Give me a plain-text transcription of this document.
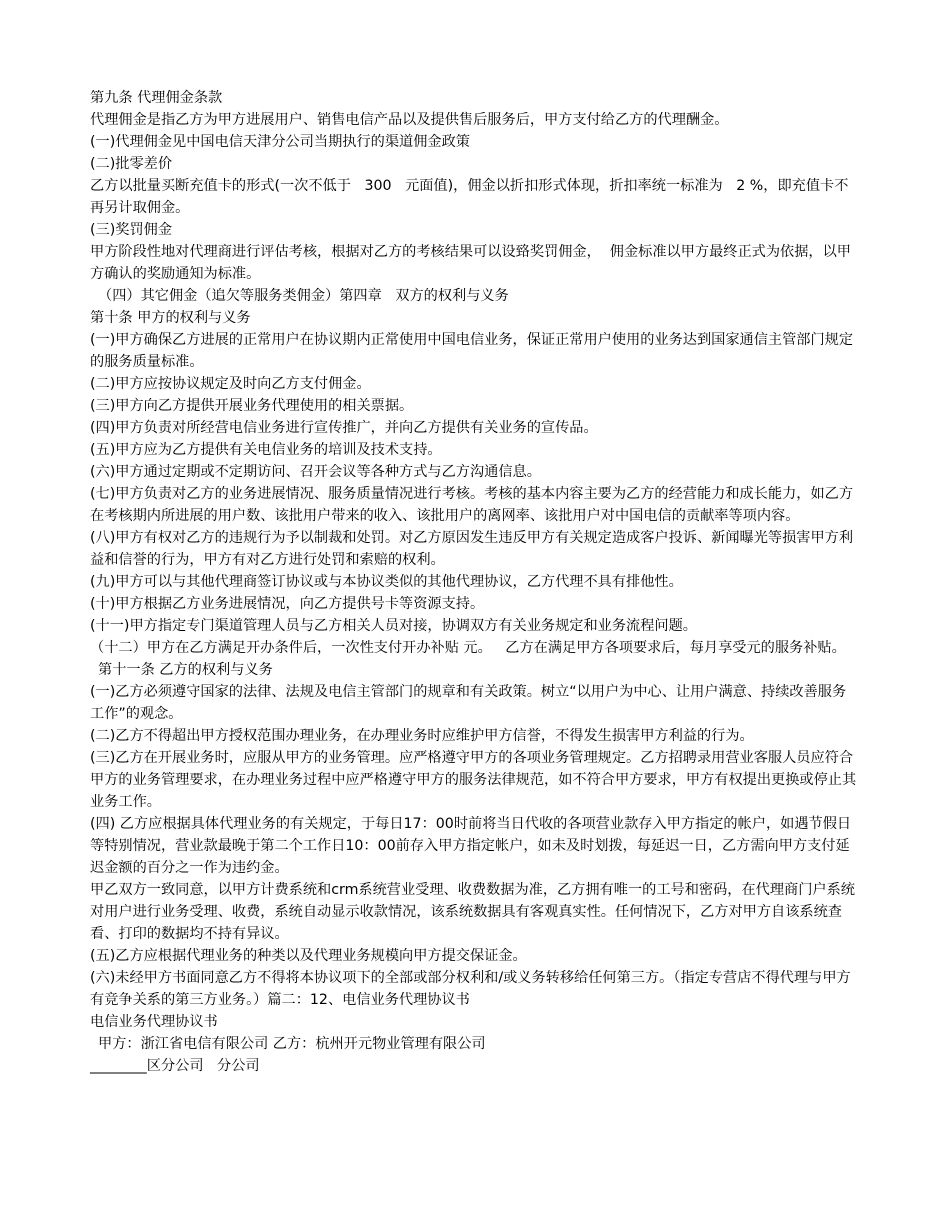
第九条 代理佣金条款

代理佣金是指乙方为甲方进展用户、销售电信产品以及提供售后服务后，甲方支付给乙方的代理酬金。

(一)代理佣金见中国电信天津分公司当期执行的渠道佣金政策

(二)批零差价

乙方以批量买断充值卡的形式(一次不低于   300   元面值)，佣金以折扣形式体现，折扣率统一标准为   2 %，即充值卡不再另计取佣金。

(三)奖罚佣金

甲方阶段性地对代理商进行评估考核，根据对乙方的考核结果可以设臵奖罚佣金，  佣金标准以甲方最终正式为依据，以甲方确认的奖励通知为标准。

（四）其它佣金（追欠等服务类佣金）第四章   双方的权利与义务

第十条 甲方的权利与义务

(一)甲方确保乙方进展的正常用户在协议期内正常使用中国电信业务，保证正常用户使用的业务达到国家通信主管部门规定的服务质量标准。

(二)甲方应按协议规定及时向乙方支付佣金。

(三)甲方向乙方提供开展业务代理使用的相关票据。

(四)甲方负责对所经营电信业务进行宣传推广，并向乙方提供有关业务的宣传品。

(五)甲方应为乙方提供有关电信业务的培训及技术支持。

(六)甲方通过定期或不定期访问、召开会议等各种方式与乙方沟通信息。

(七)甲方负责对乙方的业务进展情况、服务质量情况进行考核。考核的基本内容主要为乙方的经营能力和成长能力，如乙方在考核期内所进展的用户数、该批用户带来的收入、该批用户的离网率、该批用户对中国电信的贡献率等项内容。

(八)甲方有权对乙方的违规行为予以制裁和处罚。对乙方原因发生违反甲方有关规定造成客户投诉、新闻曝光等损害甲方利益和信誉的行为，甲方有对乙方进行处罚和索赔的权利。

(九)甲方可以与其他代理商签订协议或与本协议类似的其他代理协议，乙方代理不具有排他性。

(十)甲方根据乙方业务进展情况，向乙方提供号卡等资源支持。

(十一)甲方指定专门渠道管理人员与乙方相关人员对接，协调双方有关业务规定和业务流程问题。

（十二）甲方在乙方满足开办条件后，一次性支付开办补贴 元。   乙方在满足甲方各项要求后，每月享受元的服务补贴。

第十一条 乙方的权利与义务

(一)乙方必须遵守国家的法律、法规及电信主管部门的规章和有关政策。树立“以用户为中心、让用户满意、持续改善服务工作”的观念。

(二)乙方不得超出甲方授权范围办理业务，在办理业务时应维护甲方信誉，不得发生损害甲方利益的行为。

(三)乙方在开展业务时，应服从甲方的业务管理。应严格遵守甲方的各项业务管理规定。乙方招聘录用营业客服人员应符合甲方的业务管理要求，在办理业务过程中应严格遵守甲方的服务法律规范，如不符合甲方要求，甲方有权提出更换或停止其业务工作。

(四) 乙方应根据具体代理业务的有关规定，于每日17：00时前将当日代收的各项营业款存入甲方指定的帐户，如遇节假日等特别情况，营业款最晚于第二个工作日10：00前存入甲方指定帐户，如未及时划拨，每延迟一日，乙方需向甲方支付延迟金额的百分之一作为违约金。

甲乙双方一致同意，以甲方计费系统和crm系统营业受理、收费数据为准，乙方拥有唯一的工号和密码，在代理商门户系统对用户进行业务受理、收费，系统自动显示收款情况，该系统数据具有客观真实性。任何情况下，乙方对甲方自该系统查看、打印的数据均不持有异议。

(五)乙方应根据代理业务的种类以及代理业务规模向甲方提交保证金。

(六)未经甲方书面同意乙方不得将本协议项下的全部或部分权利和/或义务转移给任何第三方。（指定专营店不得代理与甲方有竞争关系的第三方业务。）篇二：12、电信业务代理协议书

电信业务代理协议书

甲方：浙江省电信有限公司 乙方：杭州开元物业管理有限公司

________区分公司   分公司
